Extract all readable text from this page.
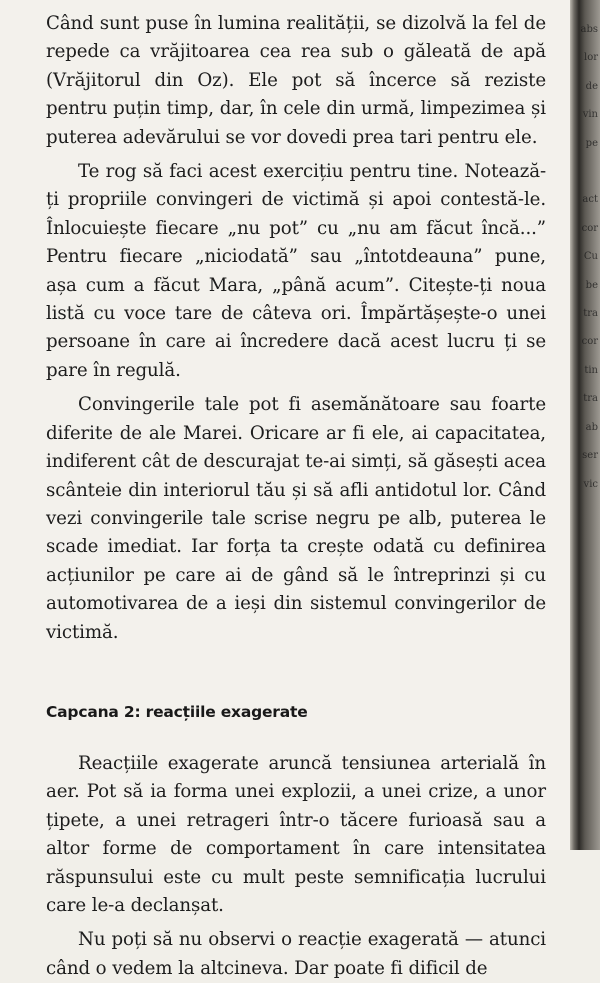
Când sunt puse în lumina realității, se dizolvă la fel de repede ca vrăjitoarea cea rea sub o găleată de apă (Vrăjitorul din Oz). Ele pot să încerce să reziste pentru puțin timp, dar, în cele din urmă, limpezimea și puterea adevărului se vor dovedi prea tari pentru ele.

Te rog să faci acest exercițiu pentru tine. Notează-ți propriile convingeri de victimă și apoi contestă-le. Înlocuiește fiecare „nu pot” cu „nu am făcut încă...” Pentru fiecare „niciodată” sau „întotdeauna” pune, așa cum a făcut Mara, „până acum”. Citește-ți noua listă cu voce tare de câteva ori. Împărtășește-o unei persoane în care ai încredere dacă acest lucru ți se pare în regulă.

Convingerile tale pot fi asemănătoare sau foarte diferite de ale Marei. Oricare ar fi ele, ai capacitatea, indiferent cât de descurajat te-ai simți, să găsești acea scânteie din interiorul tău și să afli antidotul lor. Când vezi convingerile tale scrise negru pe alb, puterea le scade imediat. Iar forța ta crește odată cu definirea acțiunilor pe care ai de gând să le întreprinzi și cu automotivarea de a ieși din sistemul convingerilor de victimă.

Capcana 2: reacțiile exagerate

Reacțiile exagerate aruncă tensiunea arterială în aer. Pot să ia forma unei explozii, a unei crize, a unor țipete, a unei retrageri într-o tăcere furioasă sau a altor forme de comportament în care intensitatea răspunsului este cu mult peste semnificația lucrului care le-a declanșat.

Nu poți să nu observi o reacție exagerată — atunci când o vedem la altcineva. Dar poate fi dificil de

abs
lor
de
vin
pe

act
cor
Cu
be
tra
cor
tin
tra
ab
ser
vic
